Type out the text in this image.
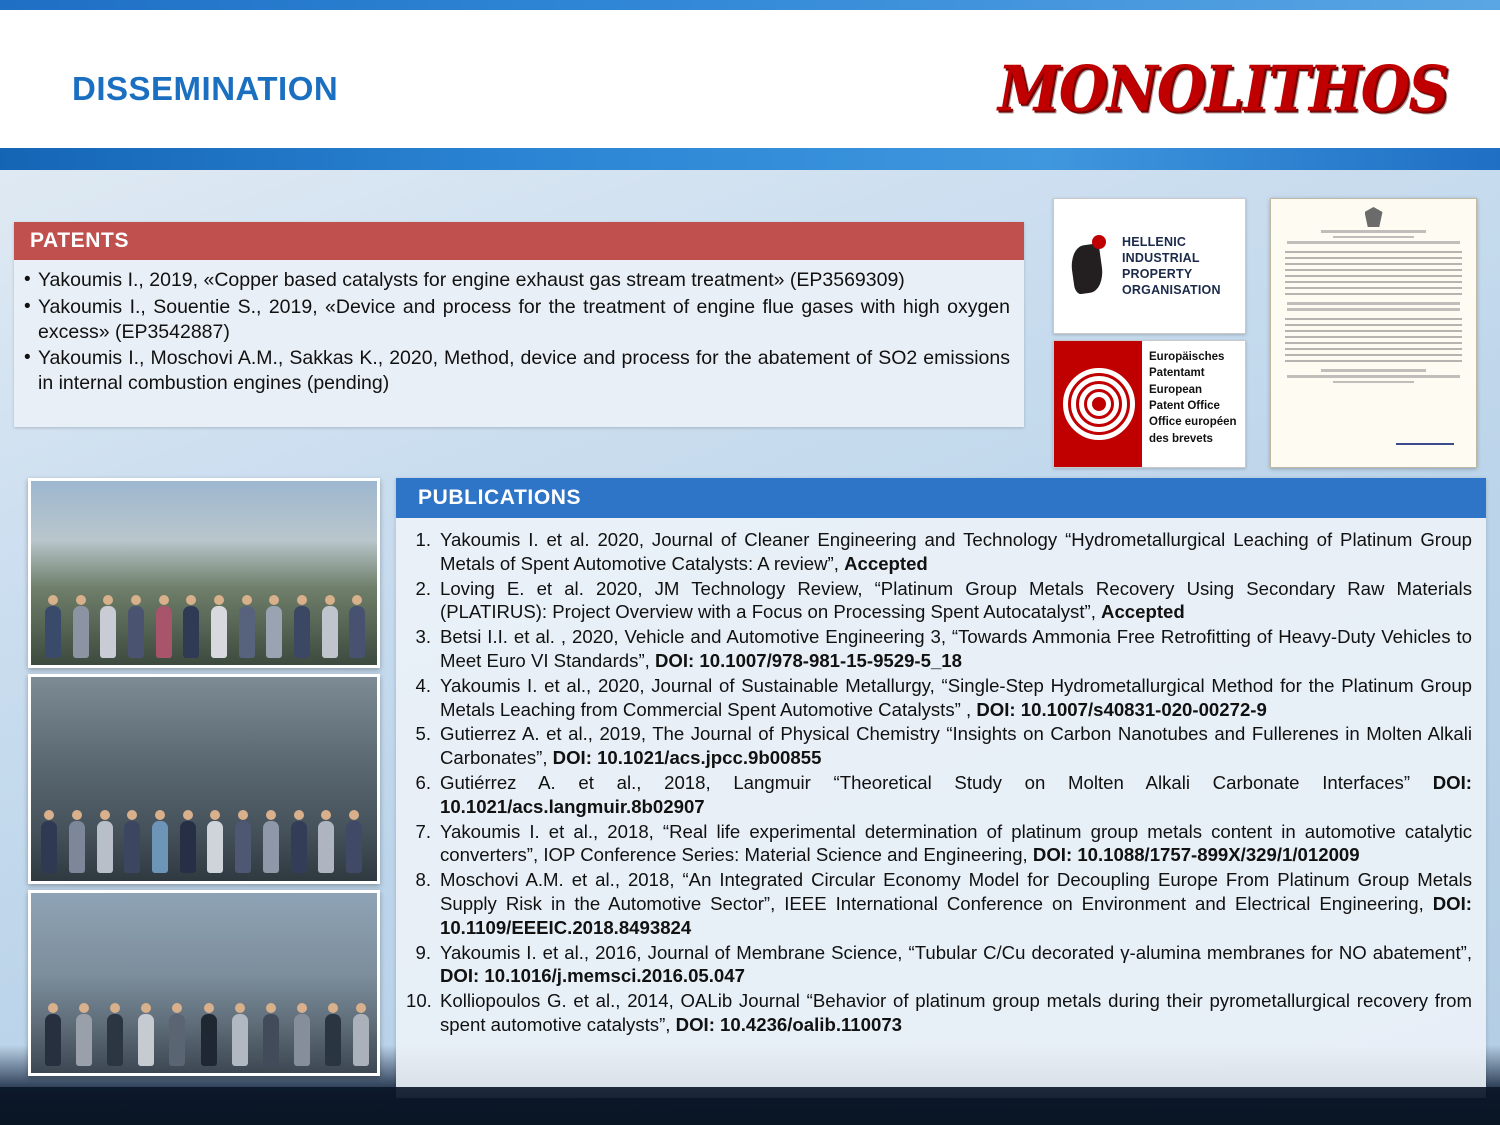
DISSEMINATION	MONOLITHOS
PATENTS
• Yakoumis I., 2019, «Copper based catalysts for engine exhaust gas stream treatment» (EP3569309)
• Yakoumis I., Souentie S., 2019, «Device and process for the treatment of engine flue gases with high oxygen excess» (EP3542887)
• Yakoumis I., Moschovi A.M., Sakkas K., 2020, Method, device and process for the abatement of SO2 emissions in internal combustion engines (pending)
HELLENIC
INDUSTRIAL
PROPERTY
ORGANISATION
Europäisches
Patentamt
European
Patent Office
Office européen
des brevets
PUBLICATIONS
1. Yakoumis I. et al. 2020, Journal of Cleaner Engineering and Technology “Hydrometallurgical Leaching of Platinum Group Metals of Spent Automotive Catalysts: A review”, Accepted
2. Loving E. et al. 2020, JM Technology Review, “Platinum Group Metals Recovery Using Secondary Raw Materials (PLATIRUS): Project Overview with a Focus on Processing Spent Autocatalyst”, Accepted
3. Betsi I.I. et al. , 2020, Vehicle and Automotive Engineering 3, “Towards Ammonia Free Retrofitting of Heavy-Duty Vehicles to Meet Euro VI Standards”, DOI: 10.1007/978-981-15-9529-5_18
4. Yakoumis I. et al., 2020, Journal of Sustainable Metallurgy, “Single-Step Hydrometallurgical Method for the Platinum Group Metals Leaching from Commercial Spent Automotive Catalysts” , DOI: 10.1007/s40831-020-00272-9
5. Gutierrez A. et al., 2019, The Journal of Physical Chemistry “Insights on Carbon Nanotubes and Fullerenes in Molten Alkali Carbonates”, DOI: 10.1021/acs.jpcc.9b00855
6. Gutiérrez A. et al., 2018, Langmuir “Theoretical Study on Molten Alkali Carbonate Interfaces” DOI: 10.1021/acs.langmuir.8b02907
7. Yakoumis I. et al., 2018, “Real life experimental determination of platinum group metals content in automotive catalytic converters”, IOP Conference Series: Material Science and Engineering, DOI: 10.1088/1757-899X/329/1/012009
8. Moschovi A.M. et al., 2018, “An Integrated Circular Economy Model for Decoupling Europe From Platinum Group Metals Supply Risk in the Automotive Sector”, IEEE International Conference on Environment and Electrical Engineering, DOI: 10.1109/EEEIC.2018.8493824
9. Yakoumis I. et al., 2016, Journal of Membrane Science, “Tubular C/Cu decorated γ-alumina membranes for NO abatement”, DOI: 10.1016/j.memsci.2016.05.047
10. Kolliopoulos G. et al., 2014, OALib Journal “Behavior of platinum group metals during their pyrometallurgical recovery from spent automotive catalysts”, DOI: 10.4236/oalib.110073
